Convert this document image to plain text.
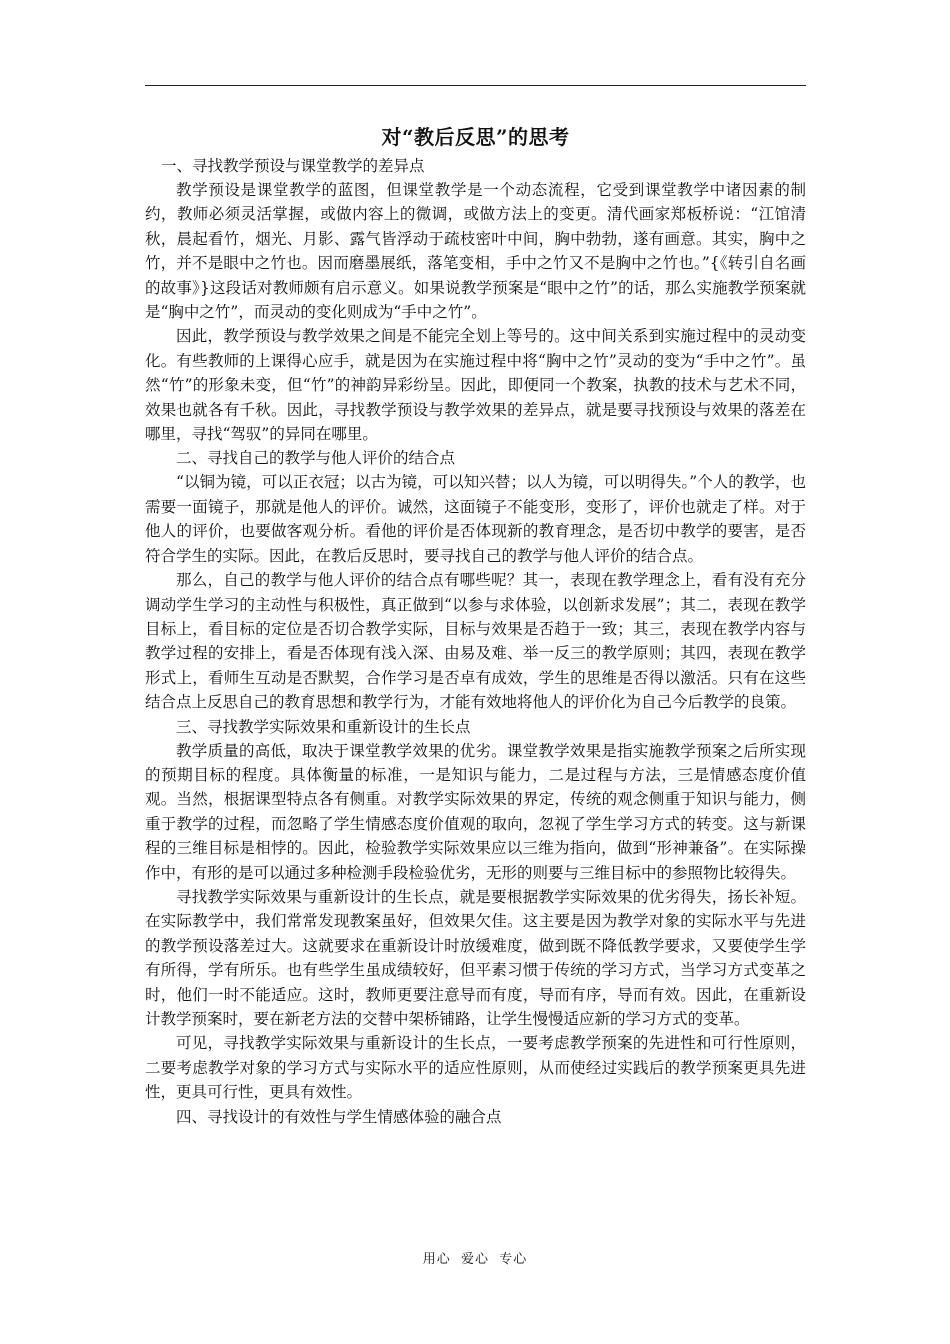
对“教后反思”的思考

一、寻找教学预设与课堂教学的差异点

教学预设是课堂教学的蓝图，但课堂教学是一个动态流程，它受到课堂教学中诸因素的制约，教师必须灵活掌握，或做内容上的微调，或做方法上的变更。清代画家郑板桥说：“江馆清秋，晨起看竹，烟光、月影、露气皆浮动于疏枝密叶中间，胸中勃勃，遂有画意。其实，胸中之竹，并不是眼中之竹也。因而磨墨展纸，落笔变相，手中之竹又不是胸中之竹也。”{《转引自名画的故事》}这段话对教师颇有启示意义。如果说教学预案是“眼中之竹”的话，那么实施教学预案就是“胸中之竹”，而灵动的变化则成为“手中之竹”。

因此，教学预设与教学效果之间是不能完全划上等号的。这中间关系到实施过程中的灵动变化。有些教师的上课得心应手，就是因为在实施过程中将“胸中之竹”灵动的变为“手中之竹”。虽然“竹”的形象未变，但“竹”的神韵异彩纷呈。因此，即便同一个教案，执教的技术与艺术不同，效果也就各有千秋。因此，寻找教学预设与教学效果的差异点，就是要寻找预设与效果的落差在哪里，寻找“驾驭”的异同在哪里。

二、寻找自己的教学与他人评价的结合点

“以铜为镜，可以正衣冠；以古为镜，可以知兴替；以人为镜，可以明得失。”个人的教学，也需要一面镜子，那就是他人的评价。诚然，这面镜子不能变形，变形了，评价也就走了样。对于他人的评价，也要做客观分析。看他的评价是否体现新的教育理念，是否切中教学的要害，是否符合学生的实际。因此，在教后反思时，要寻找自己的教学与他人评价的结合点。

那么，自己的教学与他人评价的结合点有哪些呢？其一，表现在教学理念上，看有没有充分调动学生学习的主动性与积极性，真正做到“以参与求体验，以创新求发展”；其二，表现在教学目标上，看目标的定位是否切合教学实际，目标与效果是否趋于一致；其三，表现在教学内容与教学过程的安排上，看是否体现有浅入深、由易及难、举一反三的教学原则；其四，表现在教学形式上，看师生互动是否默契，合作学习是否卓有成效，学生的思维是否得以激活。只有在这些结合点上反思自己的教育思想和教学行为，才能有效地将他人的评价化为自己今后教学的良策。

三、寻找教学实际效果和重新设计的生长点

教学质量的高低，取决于课堂教学效果的优劣。课堂教学效果是指实施教学预案之后所实现的预期目标的程度。具体衡量的标准，一是知识与能力，二是过程与方法，三是情感态度价值观。当然，根据课型特点各有侧重。对教学实际效果的界定，传统的观念侧重于知识与能力，侧重于教学的过程，而忽略了学生情感态度价值观的取向，忽视了学生学习方式的转变。这与新课程的三维目标是相悖的。因此，检验教学实际效果应以三维为指向，做到“形神兼备”。在实际操作中，有形的是可以通过多种检测手段检验优劣，无形的则要与三维目标中的参照物比较得失。

寻找教学实际效果与重新设计的生长点，就是要根据教学实际效果的优劣得失，扬长补短。在实际教学中，我们常常发现教案虽好，但效果欠佳。这主要是因为教学对象的实际水平与先进的教学预设落差过大。这就要求在重新设计时放缓难度，做到既不降低教学要求，又要使学生学有所得，学有所乐。也有些学生虽成绩较好，但平素习惯于传统的学习方式，当学习方式变革之时，他们一时不能适应。这时，教师更要注意导而有度，导而有序，导而有效。因此，在重新设计教学预案时，要在新老方法的交替中架桥铺路，让学生慢慢适应新的学习方式的变革。

可见，寻找教学实际效果与重新设计的生长点，一要考虑教学预案的先进性和可行性原则，二要考虑教学对象的学习方式与实际水平的适应性原则，从而使经过实践后的教学预案更具先进性，更具可行性，更具有效性。

四、寻找设计的有效性与学生情感体验的融合点

用心  爱心  专心
